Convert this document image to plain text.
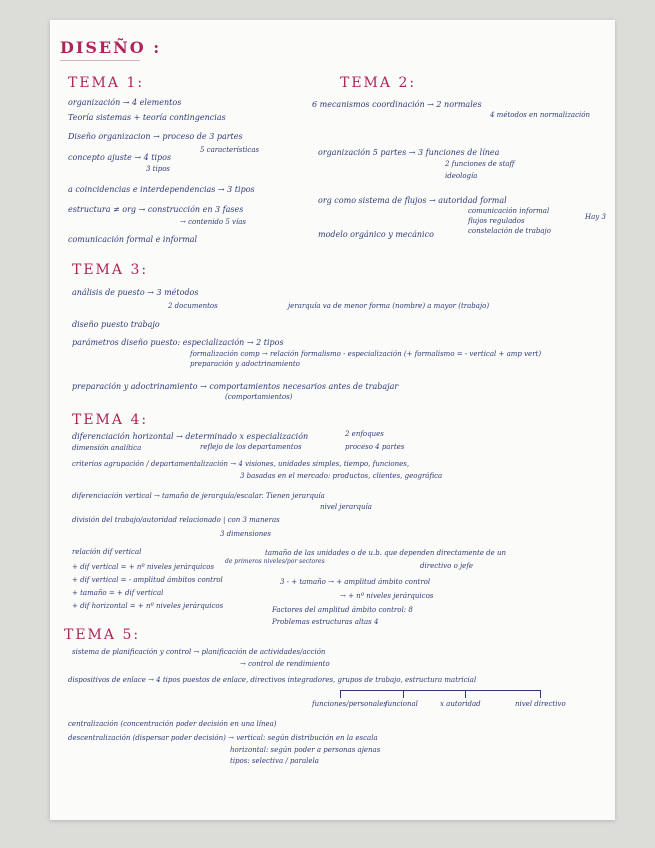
DISEÑO :
TEMA 1:
organización → 4 elementos
Teoría sistemas + teoría contingencias
Diseño organizacion → proceso de 3 partes
concepto ajuste → 4 tipos
5 características
3 tipos
a coincidencias e interdependencias → 3 tipos
estructura ≠ org → construcción en 3 fases
→ contenido 5 vías
comunicación formal e informal
TEMA 2:
6 mecanismos coordinación → 2 normales
4 métodos en normalización
organización 5 partes → 3 funciones de línea
2 funciones de staff
ideología
org como sistema de flujos → autoridad formal
comunicación informal
flujos regulados
constelación de trabajo
Hay 3
modelo orgánico y mecánico
TEMA 3:
análisis de puesto → 3 métodos
2 documentos	jerarquía va de menor forma (nombre) a mayor (trabajo)
diseño puesto trabajo
parámetros diseño puesto: especialización → 2 tipos
formalización comp → relación formalismo - especialización (+ formalismo = - vertical + amp vert)
preparación y adoctrinamiento
preparación y adoctrinamiento → comportamientos necesarios antes de trabajar
(comportamientos)
TEMA 4:
diferenciación horizontal → determinado x especialización
reflejo de los departamentos
dimensión analítica
2 enfoques
proceso 4 partes
criterios agrupación / departamentalización → 4 visiones, unidades simples, tiempo, funciones,
3 basadas en el mercado: productos, clientes, geográfica
diferenciación vertical → tamaño de jerarquía/escalar. Tienen jerarquía
nivel jerarquía
división del trabajo/autoridad relacionado | con 3 maneras
3 dimensiones
relación dif vertical	tamaño de las unidades o de u.b. que dependen directamente de un
directivo o jefe
de primeros niveles/por sectores
+ dif vertical = + nº niveles jerárquicos
+ dif vertical = - amplitud ámbitos control
+ tamaño = + dif vertical
+ dif horizontal = + nº niveles jerárquicos
3 - + tamaño → + amplitud ámbito control
→ + nº niveles jerárquicos
Factores del amplitud ámbito control: 8
Problemas estructuras altas 4
TEMA 5:
sistema de planificación y control → planificación de actividades/acción
→ control de rendimiento
dispositivos de enlace → 4 tipos puestos de enlace, directivos integradores, grupos de trabajo, estructura matricial
funciones/personales
funcional	x autoridad	nivel directivo
centralización (concentración poder decisión en una línea)
descentralización (dispersar poder decisión) → vertical: según distribución en la escala
horizontal: según poder a personas ajenas
tipos: selectiva / paralela
